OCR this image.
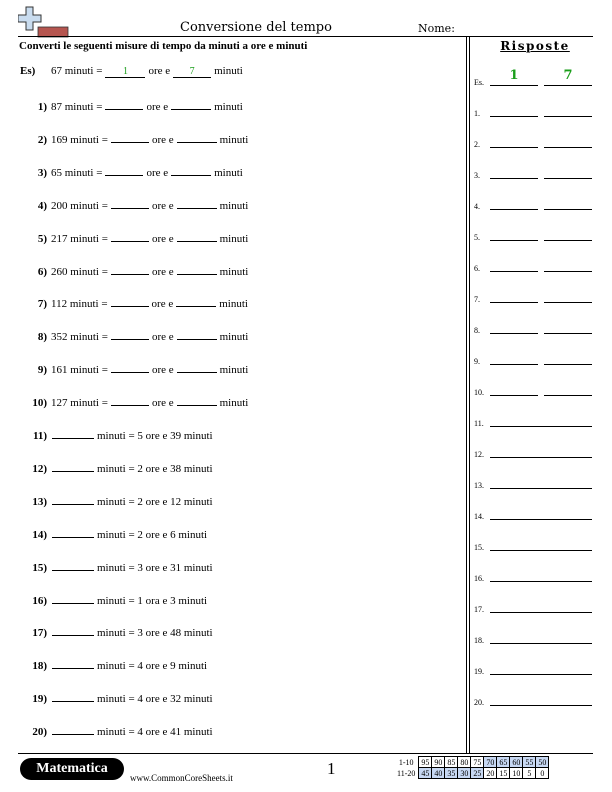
Conversione del tempo	Nome:
Converti le seguenti misure di tempo da minuti a ore e minuti
Es)	67 minuti =	1	ore e	7	minuti
1) 87 minuti =	ore e	minuti
2) 169 minuti =	ore e	minuti
3) 65 minuti =	ore e	minuti
4) 200 minuti =	ore e	minuti
5) 217 minuti =	ore e	minuti
6) 260 minuti =	ore e	minuti
7) 112 minuti =	ore e	minuti
8) 352 minuti =	ore e	minuti
9) 161 minuti =	ore e	minuti
10) 127 minuti =	ore e	minuti
11)	minuti = 5 ore e 39 minuti
12)	minuti = 2 ore e 38 minuti
13)	minuti = 2 ore e 12 minuti
14)	minuti = 2 ore e 6 minuti
15)	minuti = 3 ore e 31 minuti
16)	minuti = 1 ora e 3 minuti
17)	minuti = 3 ore e 48 minuti
18)	minuti = 4 ore e 9 minuti
19)	minuti = 4 ore e 32 minuti
20)	minuti = 4 ore e 41 minuti
Risposte
Es.	1	7
1.
2.
3.
4.
5.
6.
7.
8.
9.
10.
11.
12.
13.
14.
15.
16.
17.
18.
19.
20.
Matematica
www.CommonCoreSheets.it	1	1-10	95	90	85	80	75	70	65	60	55	50
11-20	45	40	35	30	25	20	15	10	5	0
